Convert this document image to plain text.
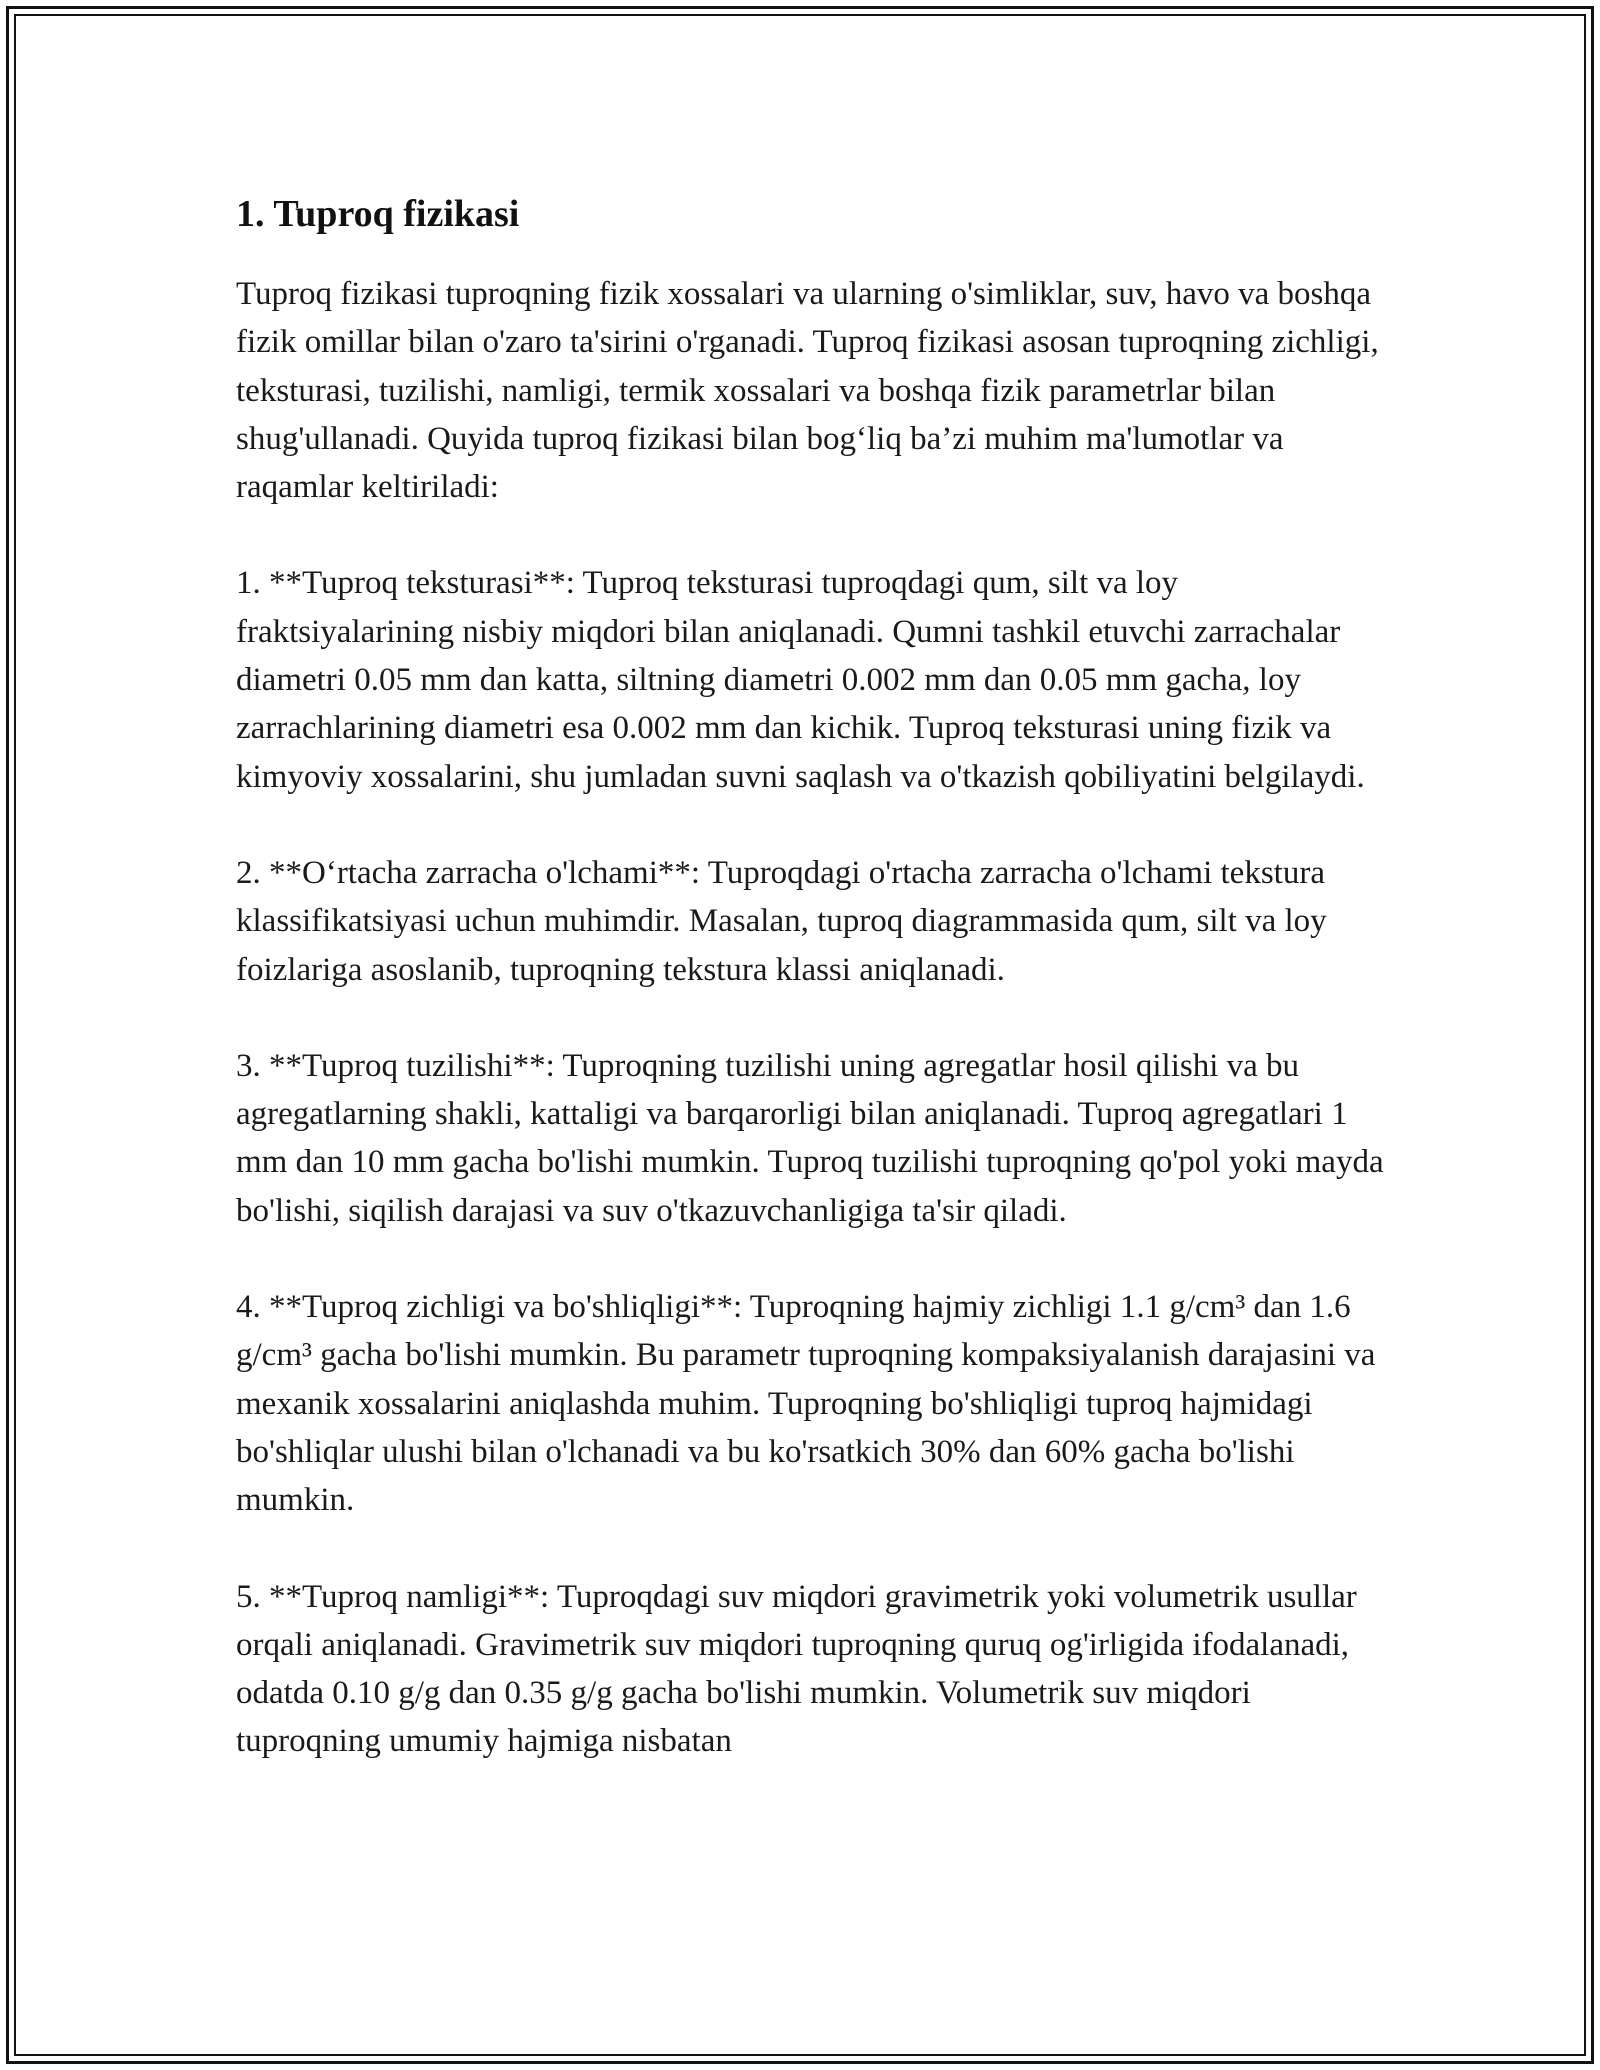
1. Tuproq fizikasi

Tuproq fizikasi tuproqning fizik xossalari va ularning o'simliklar, suv, havo va boshqa fizik omillar bilan o'zaro ta'sirini o'rganadi. Tuproq fizikasi asosan tuproqning zichligi, teksturasi, tuzilishi, namligi, termik xossalari va boshqa fizik parametrlar bilan shug'ullanadi. Quyida tuproq fizikasi bilan bog‘liq ba’zi muhim ma'lumotlar va raqamlar keltiriladi:

1. **Tuproq teksturasi**: Tuproq teksturasi tuproqdagi qum, silt va loy fraktsiyalarining nisbiy miqdori bilan aniqlanadi. Qumni tashkil etuvchi zarrachalar diametri 0.05 mm dan katta, siltning diametri 0.002 mm dan 0.05 mm gacha, loy zarrachlarining diametri esa 0.002 mm dan kichik. Tuproq teksturasi uning fizik va kimyoviy xossalarini, shu jumladan suvni saqlash va o'tkazish qobiliyatini belgilaydi.

2. **O‘rtacha zarracha o'lchami**: Tuproqdagi o'rtacha zarracha o'lchami tekstura klassifikatsiyasi uchun muhimdir. Masalan, tuproq diagrammasida qum, silt va loy foizlariga asoslanib, tuproqning tekstura klassi aniqlanadi.

3. **Tuproq tuzilishi**: Tuproqning tuzilishi uning agregatlar hosil qilishi va bu agregatlarning shakli, kattaligi va barqarorligi bilan aniqlanadi. Tuproq agregatlari 1 mm dan 10 mm gacha bo'lishi mumkin. Tuproq tuzilishi tuproqning qo'pol yoki mayda bo'lishi, siqilish darajasi va suv o'tkazuvchanligiga ta'sir qiladi.

4. **Tuproq zichligi va bo'shliqligi**: Tuproqning hajmiy zichligi 1.1 g/cm³ dan 1.6 g/cm³ gacha bo'lishi mumkin. Bu parametr tuproqning kompaksiyalanish darajasini va mexanik xossalarini aniqlashda muhim. Tuproqning bo'shliqligi tuproq hajmidagi bo'shliqlar ulushi bilan o'lchanadi va bu ko'rsatkich 30% dan 60% gacha bo'lishi mumkin.

5. **Tuproq namligi**: Tuproqdagi suv miqdori gravimetrik yoki volumetrik usullar orqali aniqlanadi. Gravimetrik suv miqdori tuproqning quruq og'irligida ifodalanadi, odatda 0.10 g/g dan 0.35 g/g gacha bo'lishi mumkin. Volumetrik suv miqdori tuproqning umumiy hajmiga nisbatan
